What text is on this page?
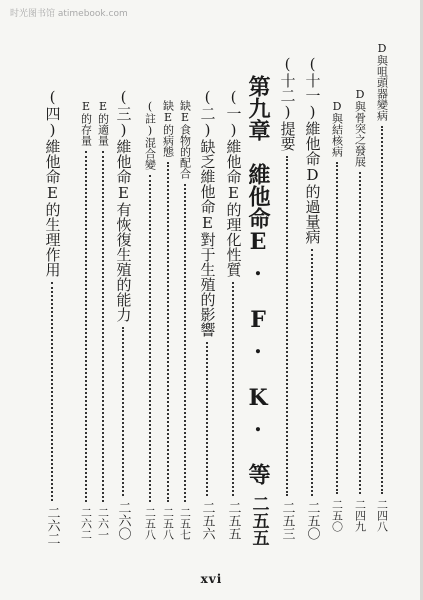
时光图书馆 atimebook.com
D與咀頭器變病
二四八
D與骨突之發展
二四九
D與結核病
二五〇
(十一)維他命D的過量病
二五〇
(十二)提要
二五三
第九章　維他命E. F. K. 等
二五五
(一)維他命E的理化性質
二五五
(二)缺乏維他命E對于生殖的影響
二五六
缺E食物的配合
二五七
缺E的病態
二五八
(註)混合變
二五八
(三)維他命E有恢復生殖的能力
二六〇
E的適量
二六一
E的存量
二六二
(四)維他命E的生理作用
二六二
xvi
